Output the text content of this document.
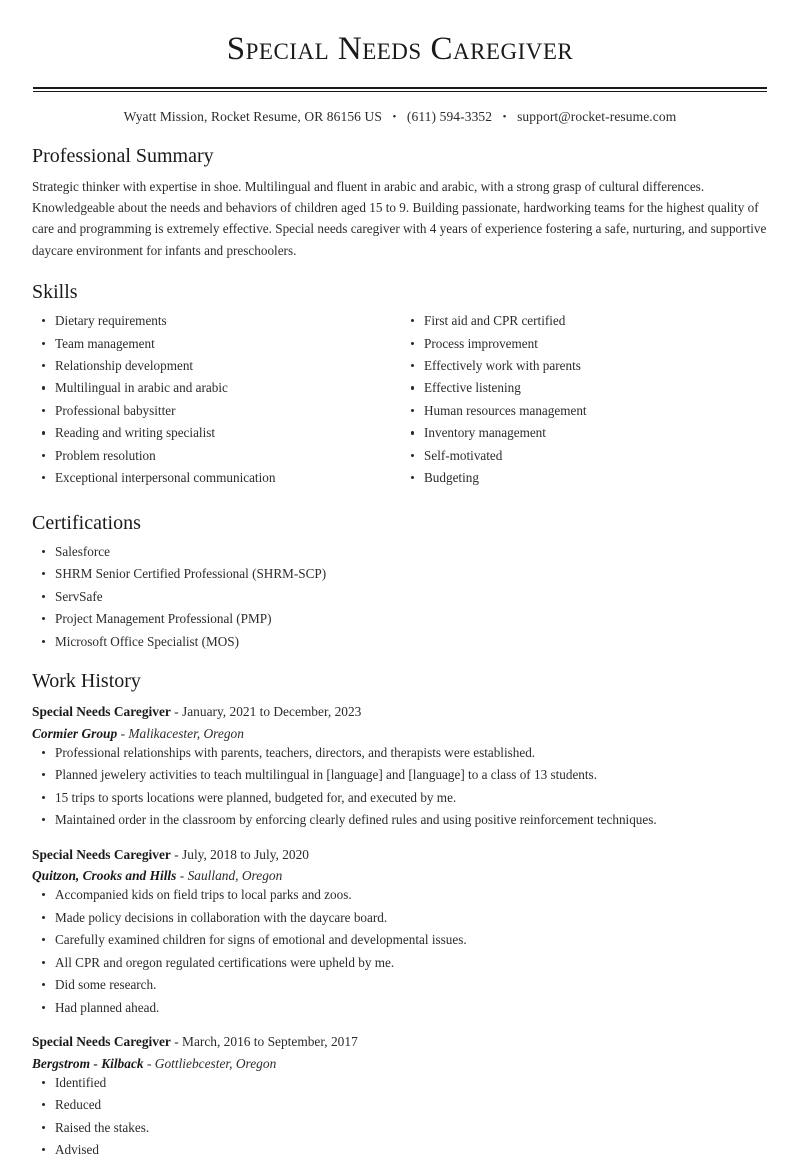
Special Needs Caregiver
Wyatt Mission, Rocket Resume, OR 86156 US • (611) 594-3352 • support@rocket-resume.com
Professional Summary

Strategic thinker with expertise in shoe. Multilingual and fluent in arabic and arabic, with a strong grasp of cultural differences. Knowledgeable about the needs and behaviors of children aged 15 to 9. Building passionate, hardworking teams for the highest quality of care and programming is extremely effective. Special needs caregiver with 4 years of experience fostering a safe, nurturing, and supportive daycare environment for infants and preschoolers.

Skills
Dietary requirements
Team management
Relationship development
Multilingual in arabic and arabic
Professional babysitter
Reading and writing specialist
Problem resolution
Exceptional interpersonal communication
First aid and CPR certified
Process improvement
Effectively work with parents
Effective listening
Human resources management
Inventory management
Self-motivated
Budgeting
Certifications
Salesforce
SHRM Senior Certified Professional (SHRM-SCP)
ServSafe
Project Management Professional (PMP)
Microsoft Office Specialist (MOS)
Work History
Special Needs Caregiver - January, 2021 to December, 2023
Cormier Group - Malikacester, Oregon
Professional relationships with parents, teachers, directors, and therapists were established.
Planned jewelery activities to teach multilingual in [language] and [language] to a class of 13 students.
15 trips to sports locations were planned, budgeted for, and executed by me.
Maintained order in the classroom by enforcing clearly defined rules and using positive reinforcement techniques.
Special Needs Caregiver - July, 2018 to July, 2020
Quitzon, Crooks and Hills - Saulland, Oregon
Accompanied kids on field trips to local parks and zoos.
Made policy decisions in collaboration with the daycare board.
Carefully examined children for signs of emotional and developmental issues.
All CPR and oregon regulated certifications were upheld by me.
Did some research.
Had planned ahead.
Special Needs Caregiver - March, 2016 to September, 2017
Bergstrom - Kilback - Gottliebcester, Oregon
Identified
Reduced
Raised the stakes.
Advised
